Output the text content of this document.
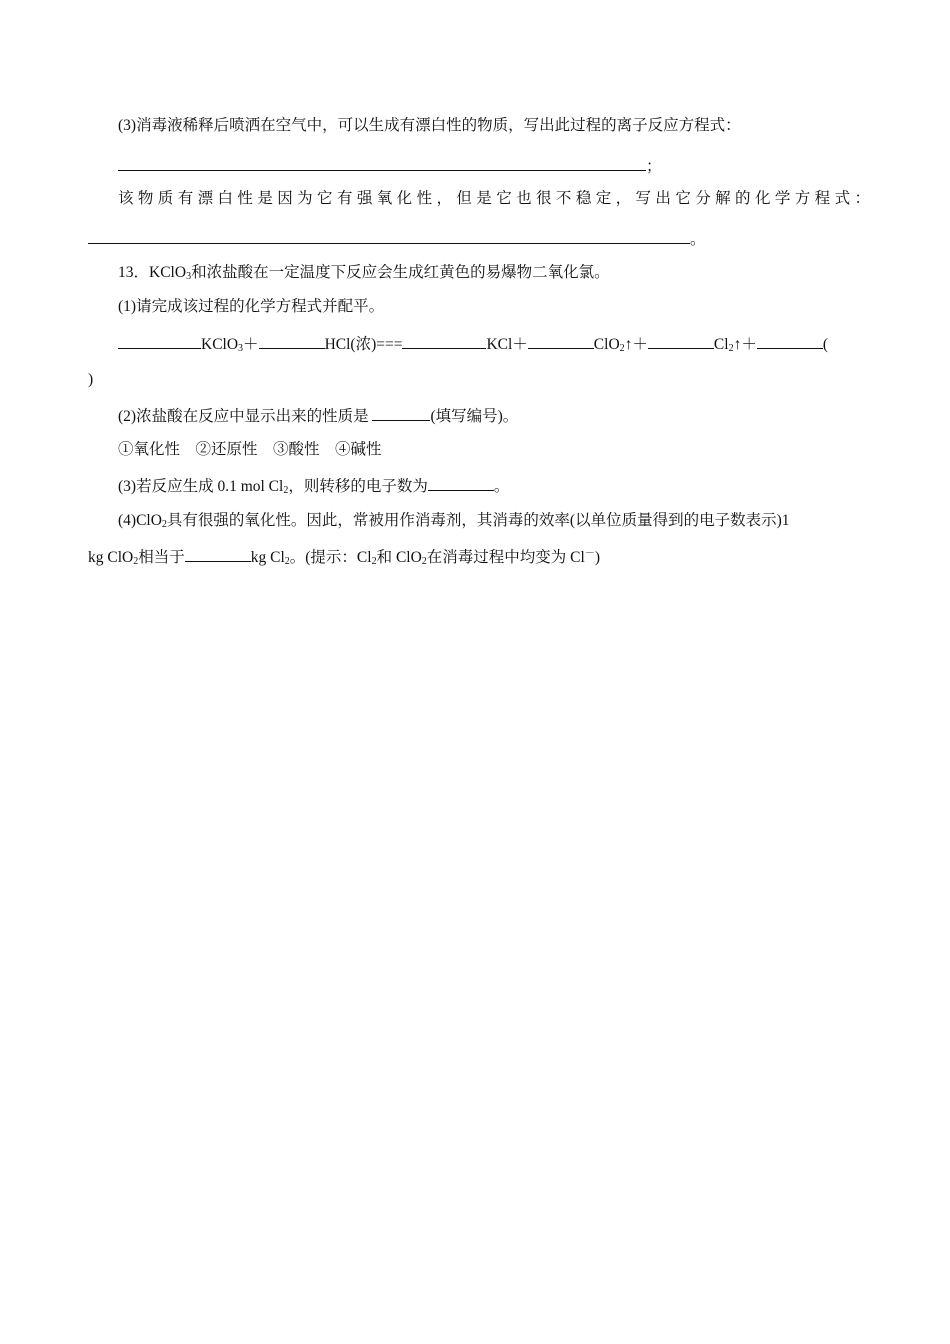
(3)消毒液稀释后喷洒在空气中，可以生成有漂白性的物质，写出此过程的离子反应方程式：
；
该物质有漂白性是因为它有强氧化性，但是它也很不稳定，写出它分解的化学方程式：
。
13．KClO$_3$和浓盐酸在一定温度下反应会生成红黄色的易爆物二氧化氯。
(1)请完成该过程的化学方程式并配平。
KClO$_3$＋	HCl(浓)===	KCl＋	ClO$_2$↑＋	$Cl_2↑+$	(
)
(2)浓盐酸在反应中显示出来的性质是	(填写编号)。
①氧化性　②还原性　③酸性　④碱性
(3)若反应生成 0.1 mol $Cl_2$，则转移的电子数为	。
(4)ClO$_2$具有很强的氧化性。因此，常被用作消毒剂，其消毒的效率(以单位质量得到的电子数表示)1
kg ClO$_2$相当于	kg $Cl_2$。(提示：$Cl_2$和 ClO$_2$在消毒过程中均变为 Cl－)
